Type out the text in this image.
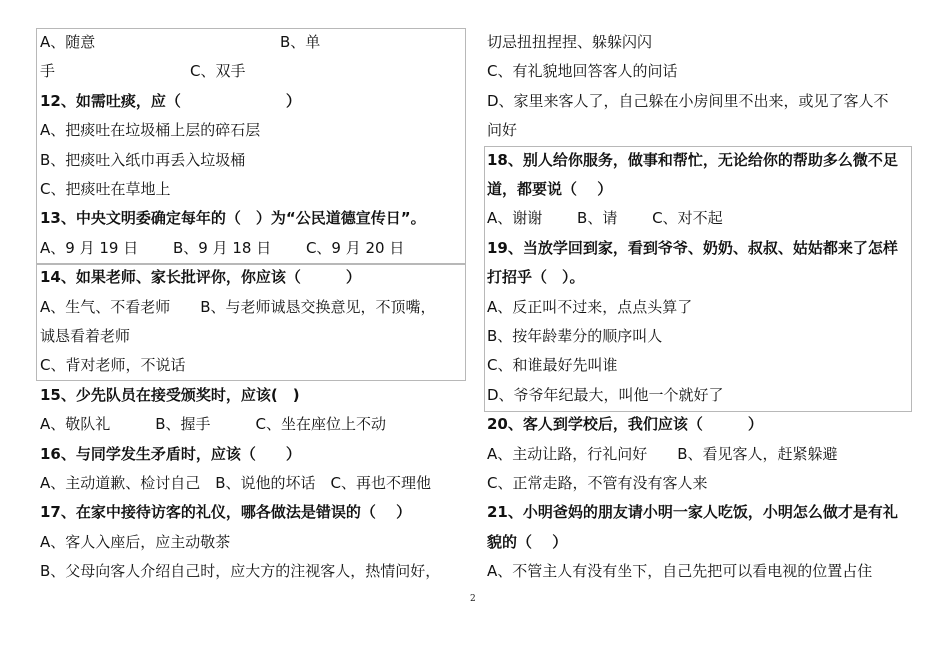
A、随意
手
12、如需吐痰，应（　　　　　　　）
A、把痰吐在垃圾桶上层的碎石层
B、把痰吐入纸巾再丢入垃圾桶
C、把痰吐在草地上
13、中央文明委确定每年的（　）为“公民道德宣传日”。
A、9 月 19 日　　 B、9 月 18 日　　 C、9 月 20 日
14、如果老师、家长批评你，你应该（　　　）
A、生气、不看老师　　B、与老师诚恳交换意见，不顶嘴，
诚恳看着老师
C、背对老师，不说话
15、少先队员在接受颁奖时，应该(　)
A、敬队礼　　　B、握手　　　C、坐在座位上不动
16、与同学发生矛盾时，应该（　　）
A、主动道歉、检讨自己　B、说他的坏话　C、再也不理他
17、在家中接待访客的礼仪，哪各做法是错误的（　 ）
A、客人入座后，应主动敬茶
B、父母向客人介绍自己时，应大方的注视客人，热情问好，
B、单
C、双手
切忌扭扭捏捏、躲躲闪闪
C、有礼貌地回答客人的问话
D、家里来客人了，自己躲在小房间里不出来，或见了客人不
问好
18、别人给你服务，做事和帮忙，无论给你的帮助多么微不足
道，都要说（　 ）
A、谢谢　　 B、请　　 C、对不起
19、当放学回到家，看到爷爷、奶奶、叔叔、姑姑都来了怎样
打招乎（　）。
A、反正叫不过来，点点头算了
B、按年龄辈分的顺序叫人
C、和谁最好先叫谁
D、爷爷年纪最大，叫他一个就好了
20、客人到学校后，我们应该（　　　）
A、主动让路，行礼问好　　B、看见客人，赶紧躲避
C、正常走路，不管有没有客人来
21、小明爸妈的朋友请小明一家人吃饭，小明怎么做才是有礼
貌的（　 ）
A、不管主人有没有坐下，自己先把可以看电视的位置占住
2
